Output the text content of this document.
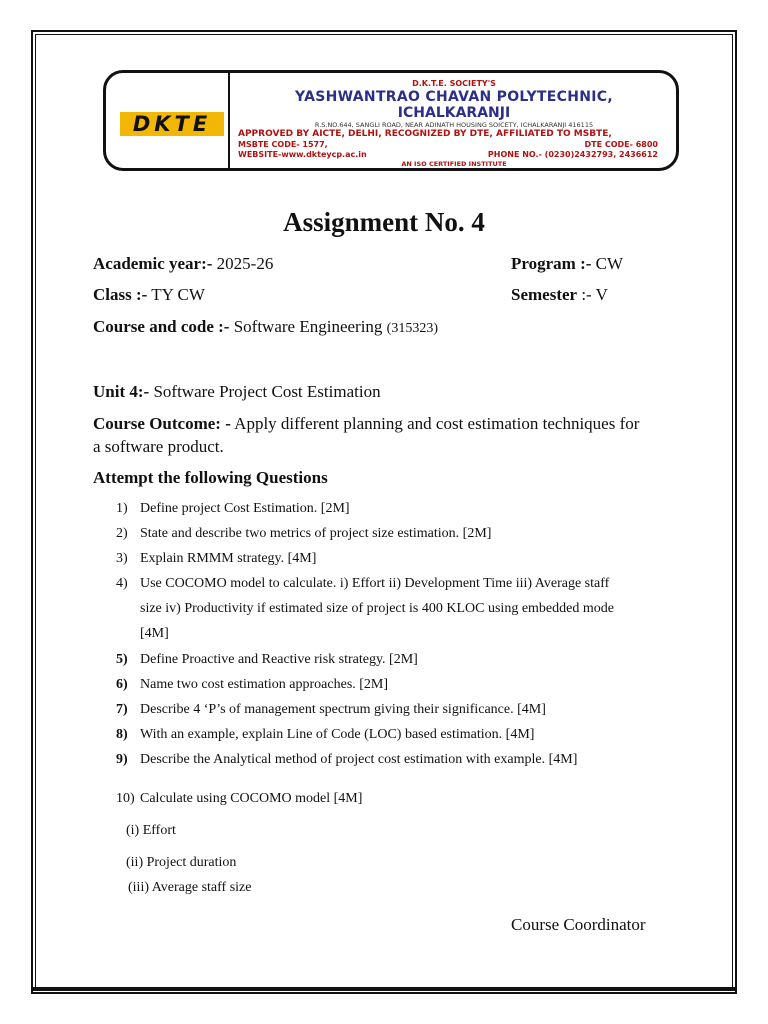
DKTE
D.K.T.E. SOCIETY'S
YASHWANTRAO CHAVAN POLYTECHNIC,
ICHALKARANJI
R.S.NO.644, SANGLI ROAD, NEAR ADINATH HOUSING SOICETY, ICHALKARANJI 416115
APPROVED BY AICTE, DELHI, RECOGNIZED BY DTE, AFFILIATED TO MSBTE,
MSBTE CODE- 1577,	DTE CODE- 6800
WEBSITE-www.dkteycp.ac.in	PHONE NO.- (0230)2432793, 2436612
AN ISO CERTIFIED INSTITUTE
Assignment No. 4
Academic year:- 2025-26	Program :- CW
Class :- TY CW	Semester :- V
Course and code :- Software Engineering (315323)
Unit 4:- Software Project Cost Estimation
Course Outcome: - Apply different planning and cost estimation techniques for
a software product.
Attempt the following Questions
1) Define project Cost Estimation. [2M]
2) State and describe two metrics of project size estimation. [2M]
3) Explain RMMM strategy. [4M]
4) Use COCOMO model to calculate. i) Effort ii) Development Time iii) Average staff
size iv) Productivity if estimated size of project is 400 KLOC using embedded mode
[4M]
5) Define Proactive and Reactive risk strategy. [2M]
6) Name two cost estimation approaches. [2M]
7) Describe 4 ‘P’s of management spectrum giving their significance. [4M]
8) With an example, explain Line of Code (LOC) based estimation. [4M]
9) Describe the Analytical method of project cost estimation with example. [4M]
10) Calculate using COCOMO model [4M]
(i) Effort
(ii) Project duration
(iii) Average staff size
Course Coordinator
